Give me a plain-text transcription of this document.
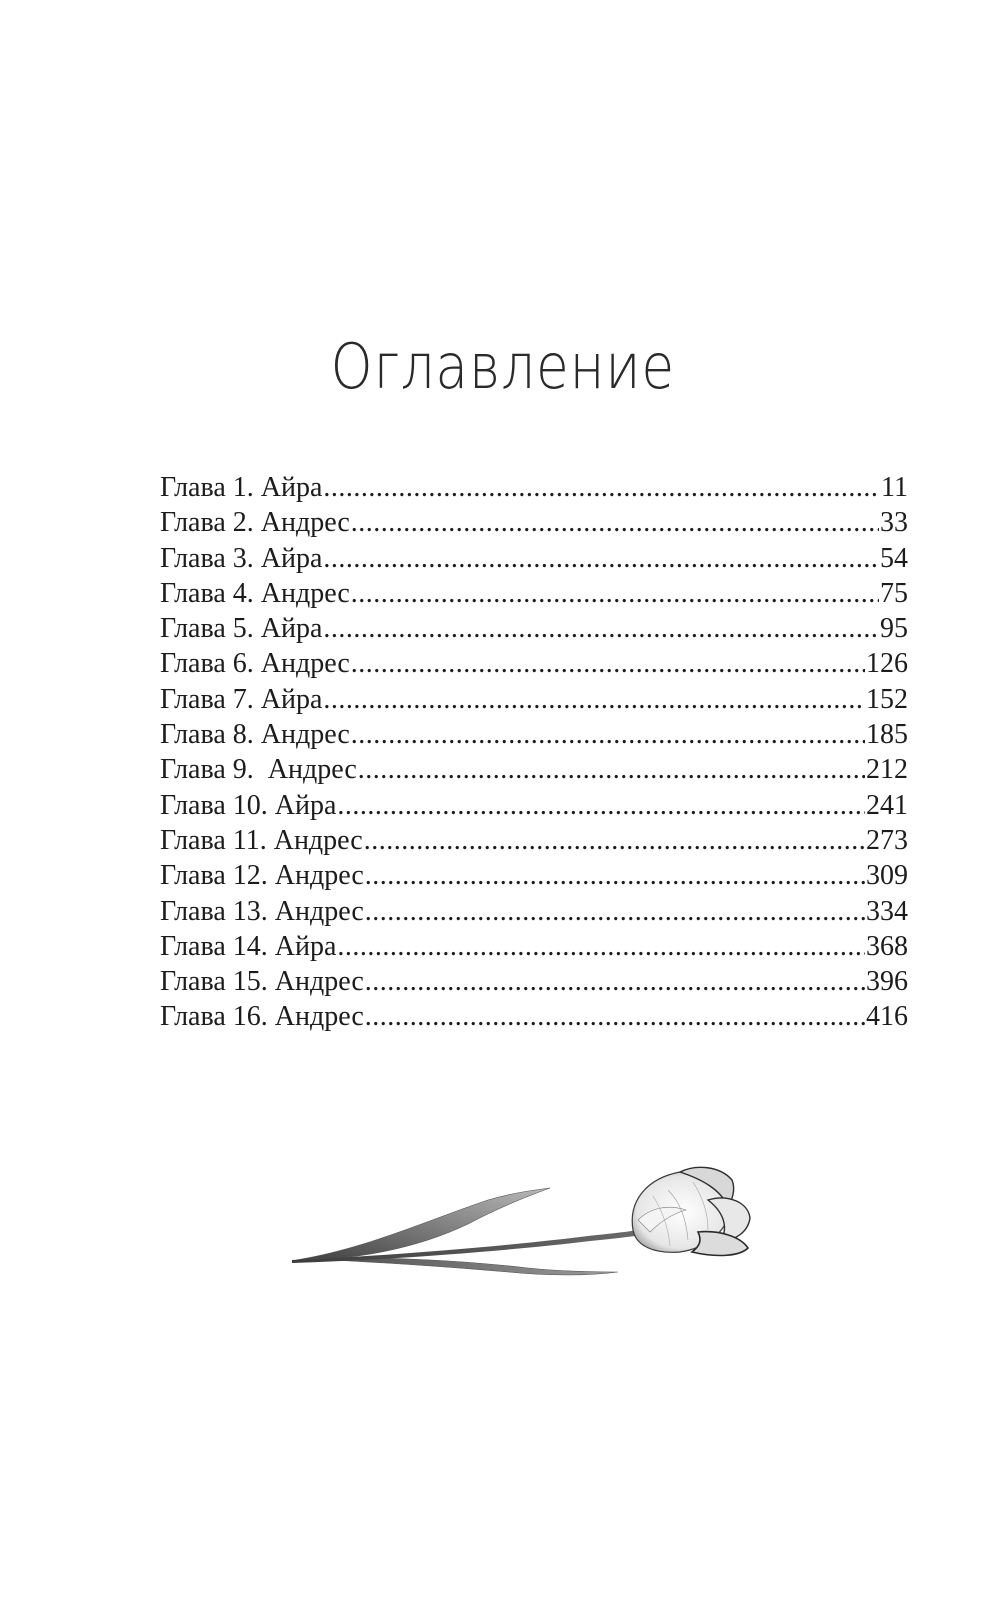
Оглавление
Глава 1. Айра .....	11
Глава 2. Андрес .....	33
Глава 3. Айра .....	54
Глава 4. Андрес .....	75
Глава 5. Айра .....	95
Глава 6. Андрес .....	126
Глава 7. Айра .....	152
Глава 8. Андрес .....	185
Глава 9.  Андрес .....	212
Глава 10. Айра .....	241
Глава 11. Андрес .....	273
Глава 12. Андрес .....	309
Глава 13. Андрес .....	334
Глава 14. Айра .....	368
Глава 15. Андрес .....	396
Глава 16. Андрес .....	416
